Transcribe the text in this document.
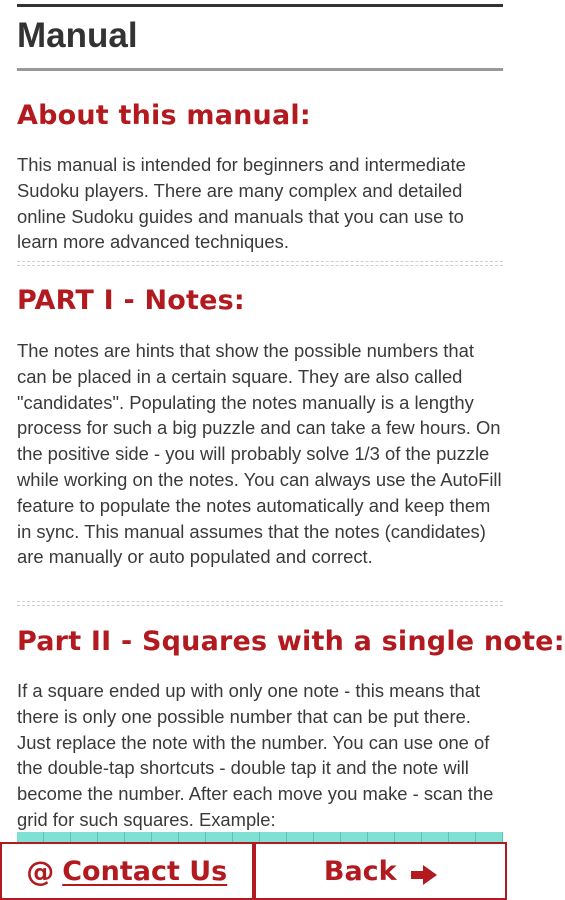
Manual
About this manual:
This manual is intended for beginners and intermediate Sudoku players. There are many complex and detailed online Sudoku guides and manuals that you can use to learn more advanced techniques.
PART I - Notes:
The notes are hints that show the possible numbers that can be placed in a certain square. They are also called "candidates". Populating the notes manually is a lengthy process for such a big puzzle and can take a few hours. On the positive side - you will probably solve 1/3 of the puzzle while working on the notes. You can always use the AutoFill feature to populate the notes automatically and keep them in sync. This manual assumes that the notes (candidates) are manually or auto populated and correct.
Part II - Squares with a single note:
If a square ended up with only one note - this means that there is only one possible number that can be put there. Just replace the note with the number. You can use one of the double-tap shortcuts - double tap it and the note will become the number. After each move you make - scan the grid for such squares. Example:
@ Contact Us	Back
